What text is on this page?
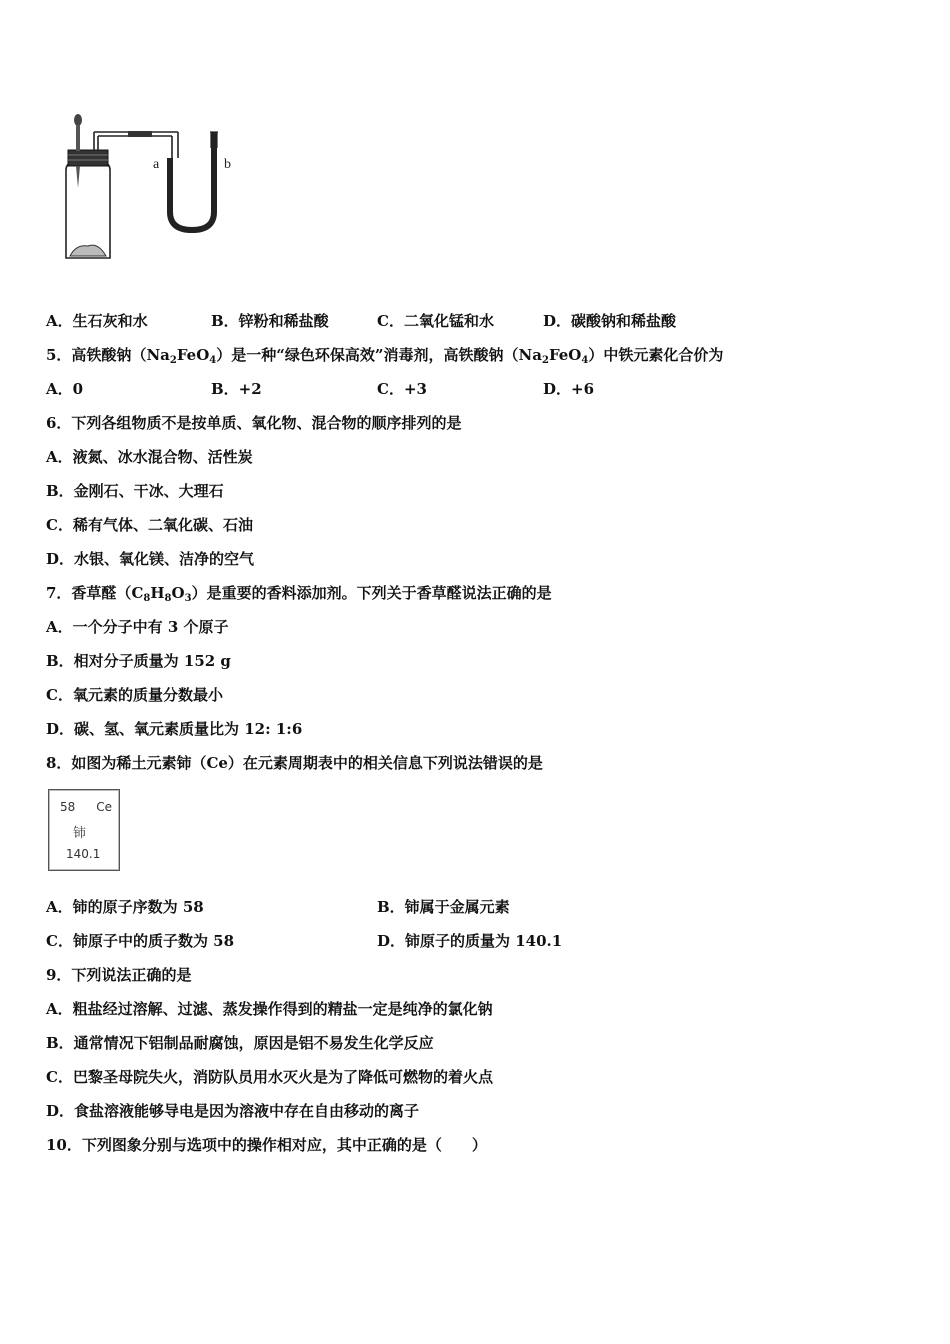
a	b
A．生石灰和水	B．锌粉和稀盐酸	C．二氧化锰和水	D．碳酸钠和稀盐酸
5．高铁酸钠$(Na_2FeO_4)$是一种“绿色环保高效”消毒剂，高铁酸钠$(Na_2FeO_4)$中铁元素化合价为
A．0	B．+2	C．+3	D．+6
6．下列各组物质不是按单质、氧化物、混合物的顺序排列的是
A．液氮、冰水混合物、活性炭
B．金刚石、干冰、大理石
C．稀有气体、二氧化碳、石油
D．水银、氧化镁、洁净的空气
7．香草醛$(C_8H_8O_3)$是重要的香料添加剂。下列关于香草醛说法正确的是
A．一个分子中有 3 个原子
B．相对分子质量为 152 g
C．氧元素的质量分数最小
D．碳、氢、氧元素质量比为 12: 1:6
8．如图为稀土元素铈（Ce）在元素周期表中的相关信息下列说法错误的是
58 Ce
铈
140.1
A．铈的原子序数为 58	B．铈属于金属元素
C．铈原子中的质子数为 58	D．铈原子的质量为 140.1
9．下列说法正确的是
A．粗盐经过溶解、过滤、蒸发操作得到的精盐一定是纯净的氯化钠
B．通常情况下铝制品耐腐蚀，原因是铝不易发生化学反应
C．巴黎圣母院失火，消防队员用水灭火是为了降低可燃物的着火点
D．食盐溶液能够导电是因为溶液中存在自由移动的离子
10．下列图象分别与选项中的操作相对应，其中正确的是（　　）
